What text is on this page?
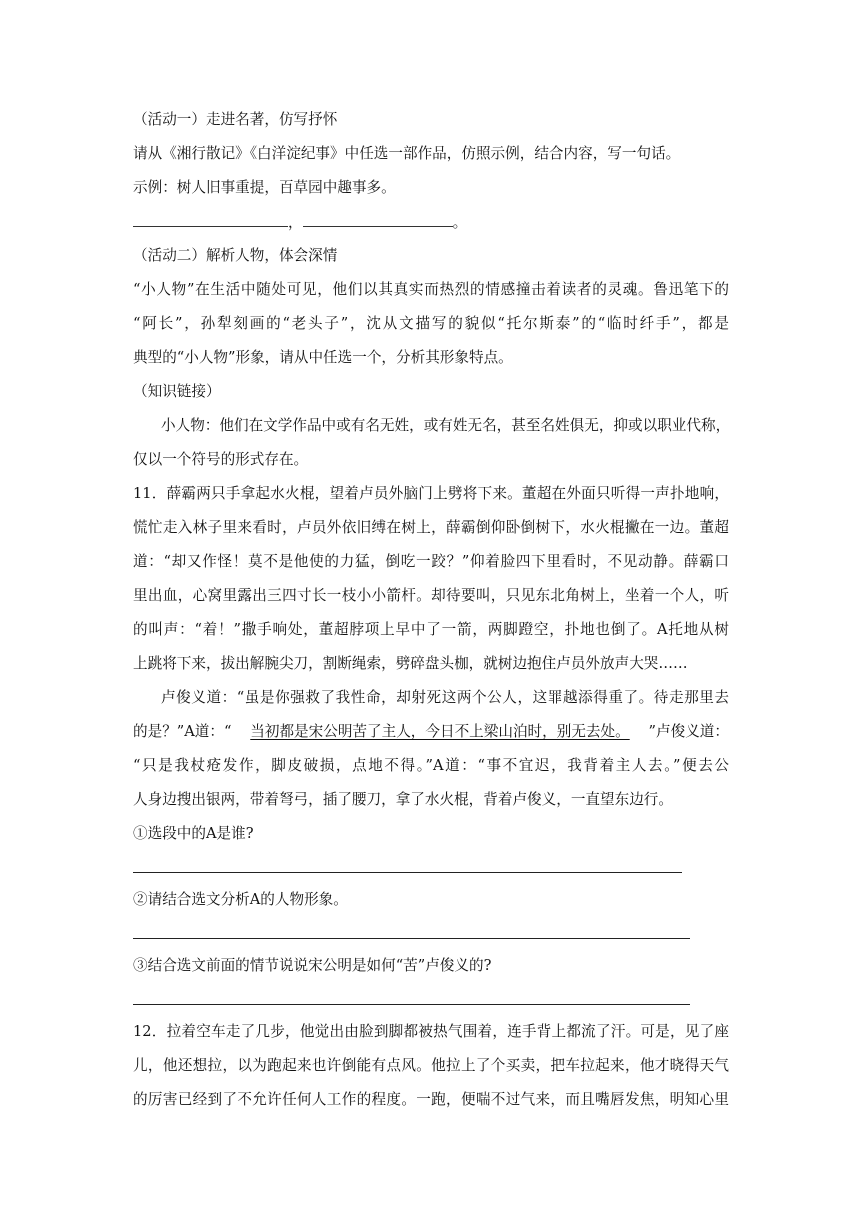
（活动一）走进名著，仿写抒怀
请从《湘行散记》《白洋淀纪事》中任选一部作品，仿照示例，结合内容，写一句话。
示例：树人旧事重提，百草园中趣事多。
，	。
（活动二）解析人物，体会深情
“小人物”在生活中随处可见，他们以其真实而热烈的情感撞击着读者的灵魂。鲁迅笔下的
“阿长”，孙犁刻画的“老头子”，沈从文描写的貌似“托尔斯泰”的“临时纤手”，都是
典型的“小人物”形象，请从中任选一个，分析其形象特点。
（知识链接）
小人物：他们在文学作品中或有名无姓，或有姓无名，甚至名姓俱无，抑或以职业代称，
仅以一个符号的形式存在。
11．薛霸两只手拿起水火棍，望着卢员外脑门上劈将下来。董超在外面只听得一声扑地响，
慌忙走入林子里来看时，卢员外依旧缚在树上，薛霸倒仰卧倒树下，水火棍撇在一边。董超
道：“却又作怪！莫不是他使的力猛，倒吃一跤？”仰着脸四下里看时，不见动静。薛霸口
里出血，心窝里露出三四寸长一枝小小箭杆。却待要叫，只见东北角树上，坐着一个人，听
的叫声：“着！”撒手响处，董超脖项上早中了一箭，两脚蹬空，扑地也倒了。A托地从树
上跳将下来，拔出解腕尖刀，割断绳索，劈碎盘头枷，就树边抱住卢员外放声大哭……
卢俊义道：“虽是你强救了我性命，却射死这两个公人，这罪越添得重了。待走那里去
的是？”A道：“ 当初都是宋公明苦了主人，今日不上梁山泊时，别无去处。 ”卢俊义道：
“只是我杖疮发作，脚皮破损，点地不得。”A道：“事不宜迟，我背着主人去。”便去公
人身边搜出银两，带着弩弓，插了腰刀，拿了水火棍，背着卢俊义，一直望东边行。
①选段中的A是谁?
②请结合选文分析A的人物形象。
③结合选文前面的情节说说宋公明是如何“苦”卢俊义的?
12．拉着空车走了几步，他觉出由脸到脚都被热气围着，连手背上都流了汗。可是，见了座
儿，他还想拉，以为跑起来也许倒能有点风。他拉上了个买卖，把车拉起来，他才晓得天气
的厉害已经到了不允许任何人工作的程度。一跑，便喘不过气来，而且嘴唇发焦，明知心里
